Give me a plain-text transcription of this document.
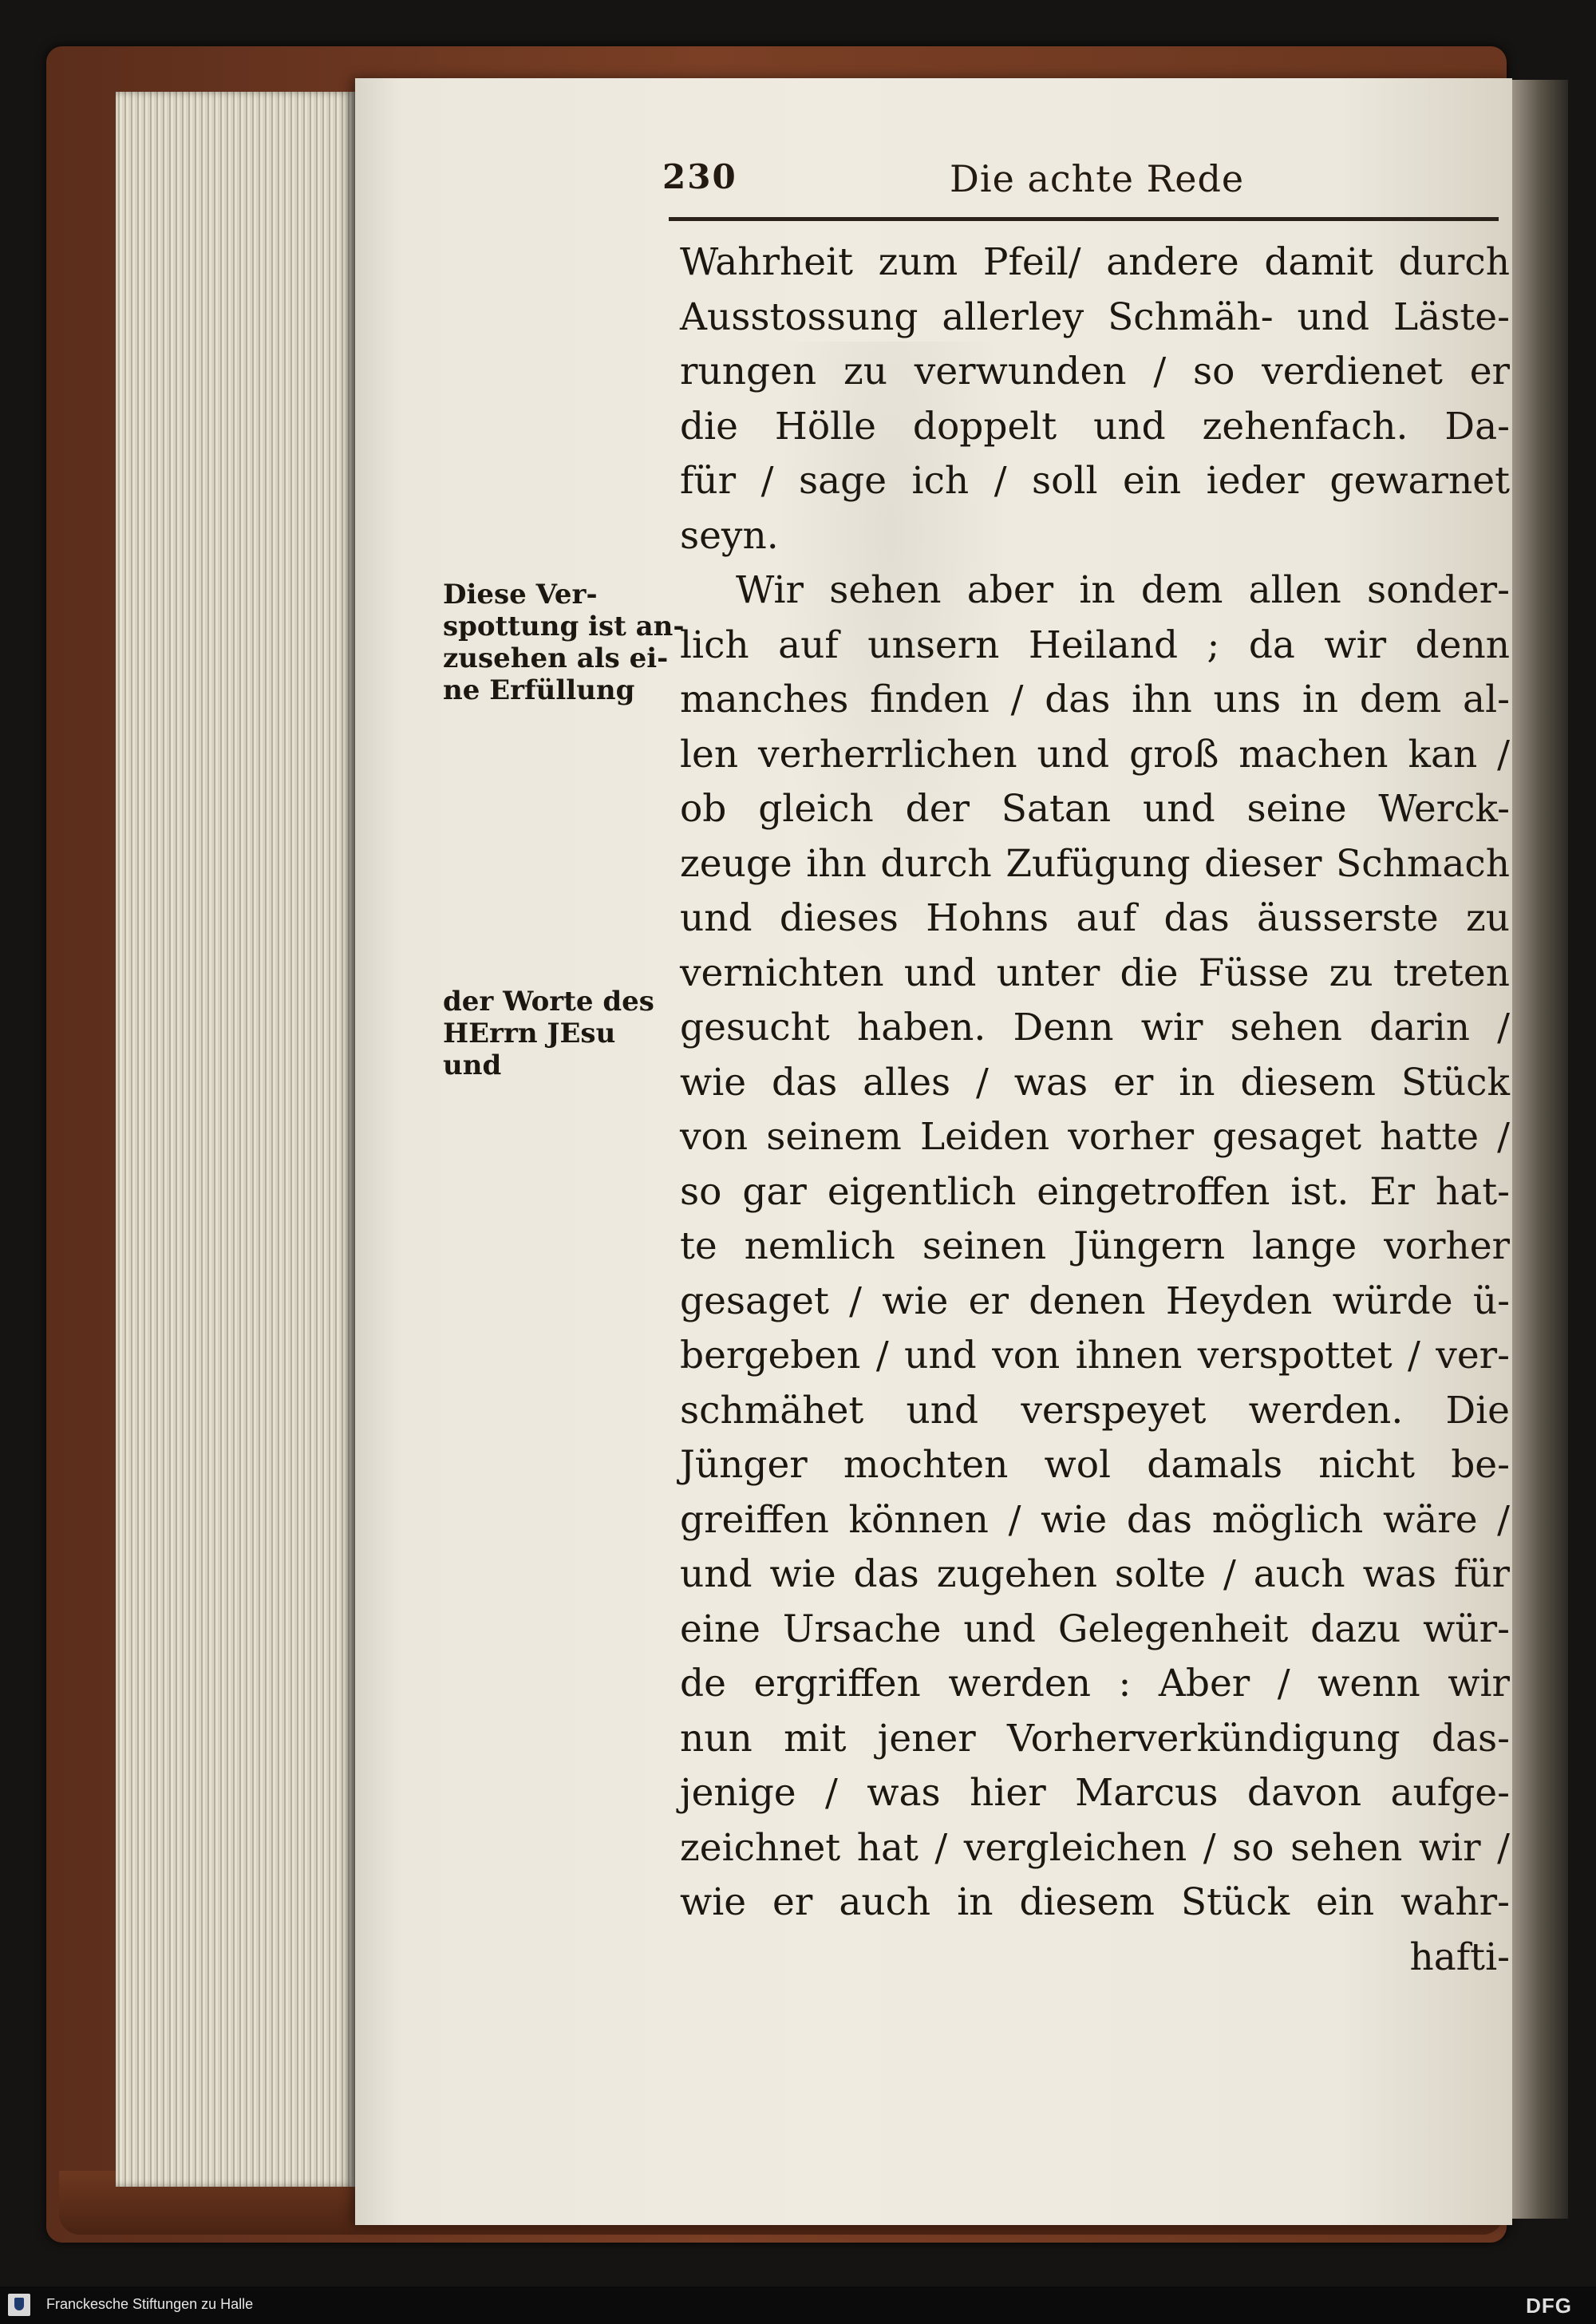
230	Die achte Rede
Wahrheit zum Pfeil/ andere damit durch
Ausstossung allerley Schmäh- und Läste-
rungen zu verwunden / so verdienet er
die Hölle doppelt und zehenfach. Da-
für / sage ich / soll ein ieder gewarnet
seyn.
Wir sehen aber in dem allen sonder-
lich auf unsern Heiland ; da wir denn
manches finden / das ihn uns in dem al-
len verherrlichen und groß machen kan /
ob gleich der Satan und seine Werck-
zeuge ihn durch Zufügung dieser Schmach
und dieses Hohns auf das äusserste zu
vernichten und unter die Füsse zu treten
gesucht haben. Denn wir sehen darin /
wie das alles / was er in diesem Stück
von seinem Leiden vorher gesaget hatte /
so gar eigentlich eingetroffen ist. Er hat-
te nemlich seinen Jüngern lange vorher
gesaget / wie er denen Heyden würde ü-
bergeben / und von ihnen verspottet / ver-
schmähet und verspeyet werden. Die
Jünger mochten wol damals nicht be-
greiffen können / wie das möglich wäre /
und wie das zugehen solte / auch was für
eine Ursache und Gelegenheit dazu wür-
de ergriffen werden : Aber / wenn wir
nun mit jener Vorherverkündigung das-
jenige / was hier Marcus davon aufge-
zeichnet hat / vergleichen / so sehen wir /
wie er auch in diesem Stück ein wahr-
hafti-
Diese Ver-
spottung ist an-
zusehen als ei-
ne Erfüllung
der Worte des
HErrn JEsu
und
Franckesche Stiftungen zu Halle	DFG
